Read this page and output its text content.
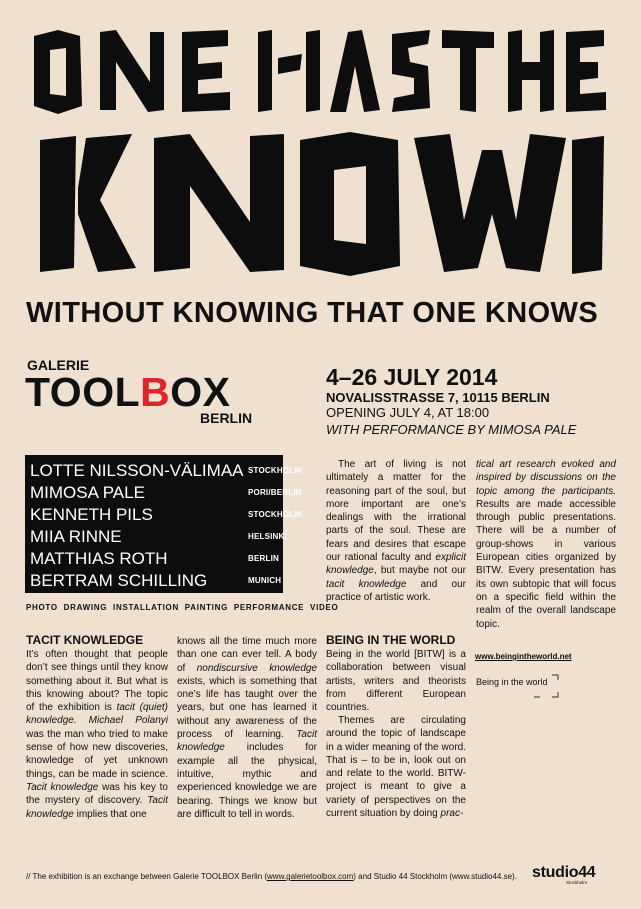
WITHOUT KNOWING THAT ONE KNOWS
GALERIE
TOOLBOX
BERLIN
4–26 JULY 2014
NOVALISSTRASSE 7, 10115 BERLIN
OPENING JULY 4, AT 18:00
WITH PERFORMANCE BY MIMOSA PALE
LOTTE NILSSON-VÄLIMAA STOCKHOLM
MIMOSA PALE	PORI/BERLIN
KENNETH PILS	STOCKHOLM
MIIA RINNE	HELSINKI
MATTHIAS ROTH	BERLIN
BERTRAM SCHILLING	MUNICH
PHOTO  DRAWING  INSTALLATION  PAINTING  PERFORMANCE  VIDEO
The art of living is not ultimately a matter for the reasoning part of the soul, but more important are one’s dealings with the irrational parts of the soul. These are fears and desires that escape our rational faculty and explicit knowledge, but maybe not our tacit knowledge and our practice of artistic work.
tical art research evoked and inspired by discussions on the topic among the participants. Results are made accessible through public presentations. There will be a number of group-shows in various European cities organized by BITW. Every presentation has its own subtopic that will focus on a specific field within the realm of the overall landscape topic.
www.beingintheworld.net
Being in the world
TACIT KNOWLEDGE
It’s often thought that people don’t see things until they know something about it. But what is this knowing about? The topic of the exhibition is tacit (quiet) knowledge. Michael Polanyi was the man who tried to make sense of how new discoveries, knowledge of yet unknown things, can be made in science. Tacit knowledge was his key to the mystery of discovery. Tacit knowledge implies that one
knows all the time much more than one can ever tell. A body of nondiscursive knowledge exists, which is something that one’s life has taught over the years, but one has learned it without any awareness of the process of learning. Tacit knowledge includes for example all the physical, intuitive, mythic and experienced knowledge we are bearing. Things we know but are difficult to tell in words.
BEING IN THE WORLD
Being in the world [BITW] is a collaboration between visual artists, writers and theorists from different European countries.
Themes are circulating around the topic of landscape in a wider meaning of the word. That is – to be in, look out on and relate to the world. BITW-project is meant to give a variety of perspectives on the current situation by doing prac-
// The exhibition is an exchange between Galerie TOOLBOX Berlin (www.galerietoolbox.com) and Studio 44 Stockholm (www.studio44.se). studio44
Stockholm
